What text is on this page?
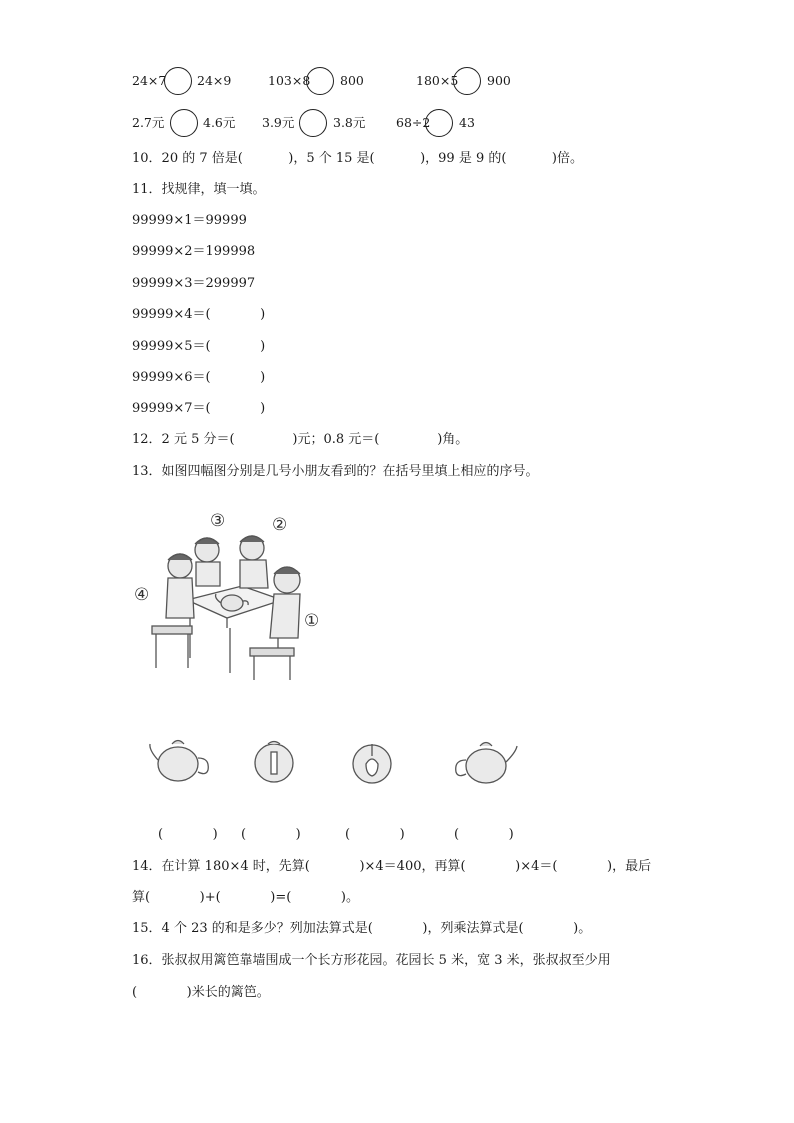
24×7 24×9	103×8 800	180×5 900
2.7元	4.6元 3.9元	3.8元 68÷2 43
10．20 的 7 倍是(           )，5 个 15 是(           )，99 是 9 的(           )倍。
11．找规律，填一填。
99999×1＝99999
99999×2＝199998
99999×3＝299997
99999×4＝(            )
99999×5＝(            )
99999×6＝(            )
99999×7＝(            )
12．2 元 5 分＝(              )元；0.8 元＝(              )角。
13．如图四幅图分别是几号小朋友看到的？在括号里填上相应的序号。
③	②
④
①
(            ) (            )	(            )	(            )
14．在计算 180×4 时，先算(            )×4＝400，再算(            )×4＝(            )，最后
算(            )+(            )=(            )。
15．4 个 23 的和是多少？列加法算式是(            )，列乘法算式是(            )。
16．张叔叔用篱笆靠墙围成一个长方形花园。花园长 5 米，宽 3 米，张叔叔至少用
(            )米长的篱笆。
